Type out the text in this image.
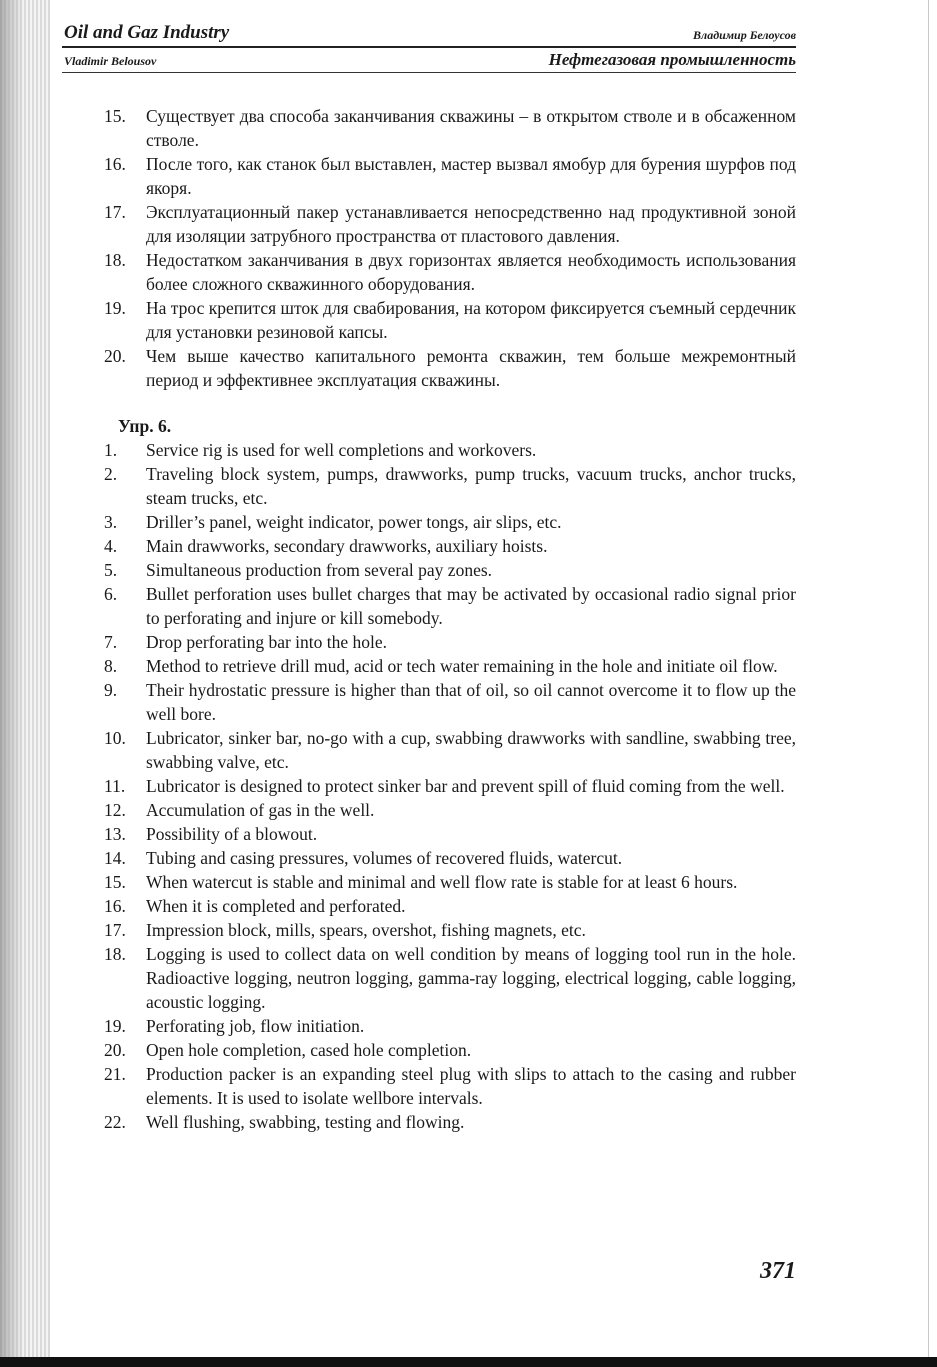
Oil and Gaz Industry	Владимир Белоусов
Vladimir Belousov	Нефтегазовая промышленность
15.	Существует два способа заканчивания скважины – в открытом стволе и в обсаженном стволе.
16.	После того, как станок был выставлен, мастер вызвал ямобур для бурения шурфов под якоря.
17.	Эксплуатационный пакер устанавливается непосредственно над продуктивной зоной для изоляции затрубного пространства от пластового давления.
18.	Недостатком заканчивания в двух горизонтах является необходимость использования более сложного скважинного оборудования.
19.	На трос крепится шток для свабирования, на котором фиксируется съемный сердечник для установки резиновой капсы.
20.	Чем выше качество капитального ремонта скважин, тем больше межремонтный период и эффективнее эксплуатация скважины.
Упр. 6.
1.	Service rig is used for well completions and workovers.
2.	Traveling block system, pumps, drawworks, pump trucks, vacuum trucks, anchor trucks, steam trucks, etc.
3.	Driller’s panel, weight indicator, power tongs, air slips, etc.
4.	Main drawworks, secondary drawworks, auxiliary hoists.
5.	Simultaneous production from several pay zones.
6.	Bullet perforation uses bullet charges that may be activated by occasional radio signal prior to perforating and injure or kill somebody.
7.	Drop perforating bar into the hole.
8.	Method to retrieve drill mud, acid or tech water remaining in the hole and initiate oil flow.
9.	Their hydrostatic pressure is higher than that of oil, so oil cannot overcome it to flow up the well bore.
10.	Lubricator, sinker bar, no-go with a cup, swabbing drawworks with sandline, swabbing tree, swabbing valve, etc.
11.	Lubricator is designed to protect sinker bar and prevent spill of fluid coming from the well.
12.	Accumulation of gas in the well.
13.	Possibility of a blowout.
14.	Tubing and casing pressures, volumes of recovered fluids, watercut.
15.	When watercut is stable and minimal and well flow rate is stable for at least 6 hours.
16.	When it is completed and perforated.
17.	Impression block, mills, spears, overshot, fishing magnets, etc.
18.	Logging is used to collect data on well condition by means of logging tool run in the hole. Radioactive logging, neutron logging, gamma-ray logging, electrical logging, cable logging, acoustic logging.
19.	Perforating job, flow initiation.
20.	Open hole completion, cased hole completion.
21.	Production packer is an expanding steel plug with slips to attach to the casing and rubber elements. It is used to isolate wellbore intervals.
22.	Well flushing, swabbing, testing and flowing.
371
